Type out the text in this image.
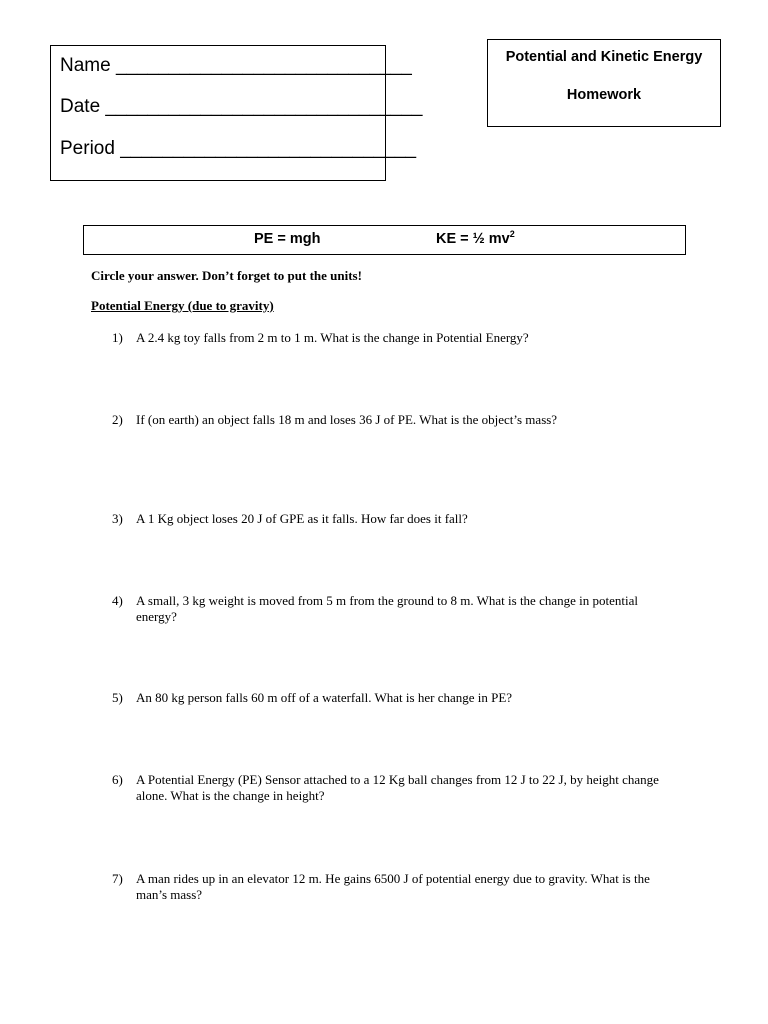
Name ____________________________
Date ______________________________
Period ____________________________
Potential and Kinetic Energy
Homework
PE = mgh	KE = ½ $mv^2$
Circle your answer. Don’t forget to put the units!
Potential Energy (due to gravity)
1) A 2.4 kg toy falls from 2 m to 1 m. What is the change in Potential Energy?
2) If (on earth) an object falls 18 m and loses 36 J of PE. What is the object’s mass?
3) A 1 Kg object loses 20 J of GPE as it falls. How far does it fall?
4) A small, 3 kg weight is moved from 5 m from the ground to 8 m. What is the change in potential energy?
5) An 80 kg person falls 60 m off of a waterfall. What is her change in PE?
6) A Potential Energy (PE) Sensor attached to a 12 Kg ball changes from 12 J to 22 J, by height change alone. What is the change in height?
7) A man rides up in an elevator 12 m. He gains 6500 J of potential energy due to gravity. What is the man’s mass?
